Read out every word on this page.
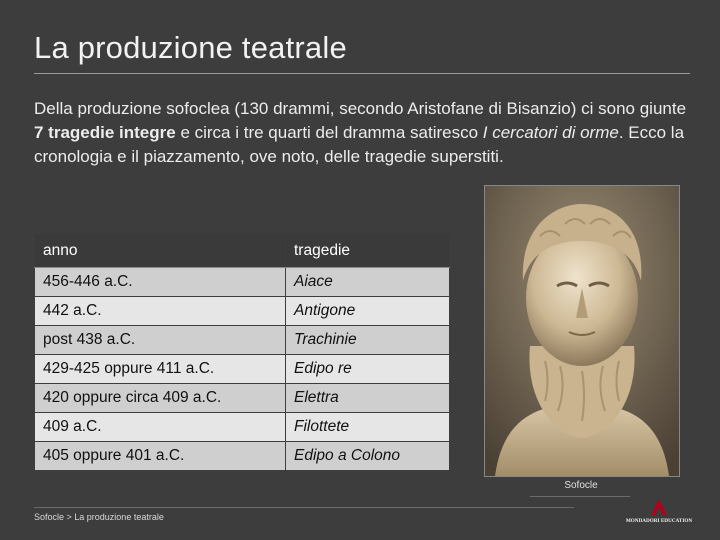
La produzione teatrale
Della produzione sofoclea (130 drammi, secondo Aristofane di Bisanzio) ci sono giunte 7 tragedie integre e circa i tre quarti del dramma satiresco I cercatori di orme. Ecco la cronologia e il piazzamento, ove noto, delle tragedie superstiti.
anno	tragedie
456-446 a.C.	Aiace
442 a.C.	Antigone
post 438 a.C.	Trachinie
429-425 oppure 411 a.C.	Edipo re
420 oppure circa 409 a.C.	Elettra
409 a.C.	Filottete
405 oppure 401 a.C.	Edipo a Colono
Sofocle
Sofocle > La produzione teatrale	MONDADORI EDUCATION
